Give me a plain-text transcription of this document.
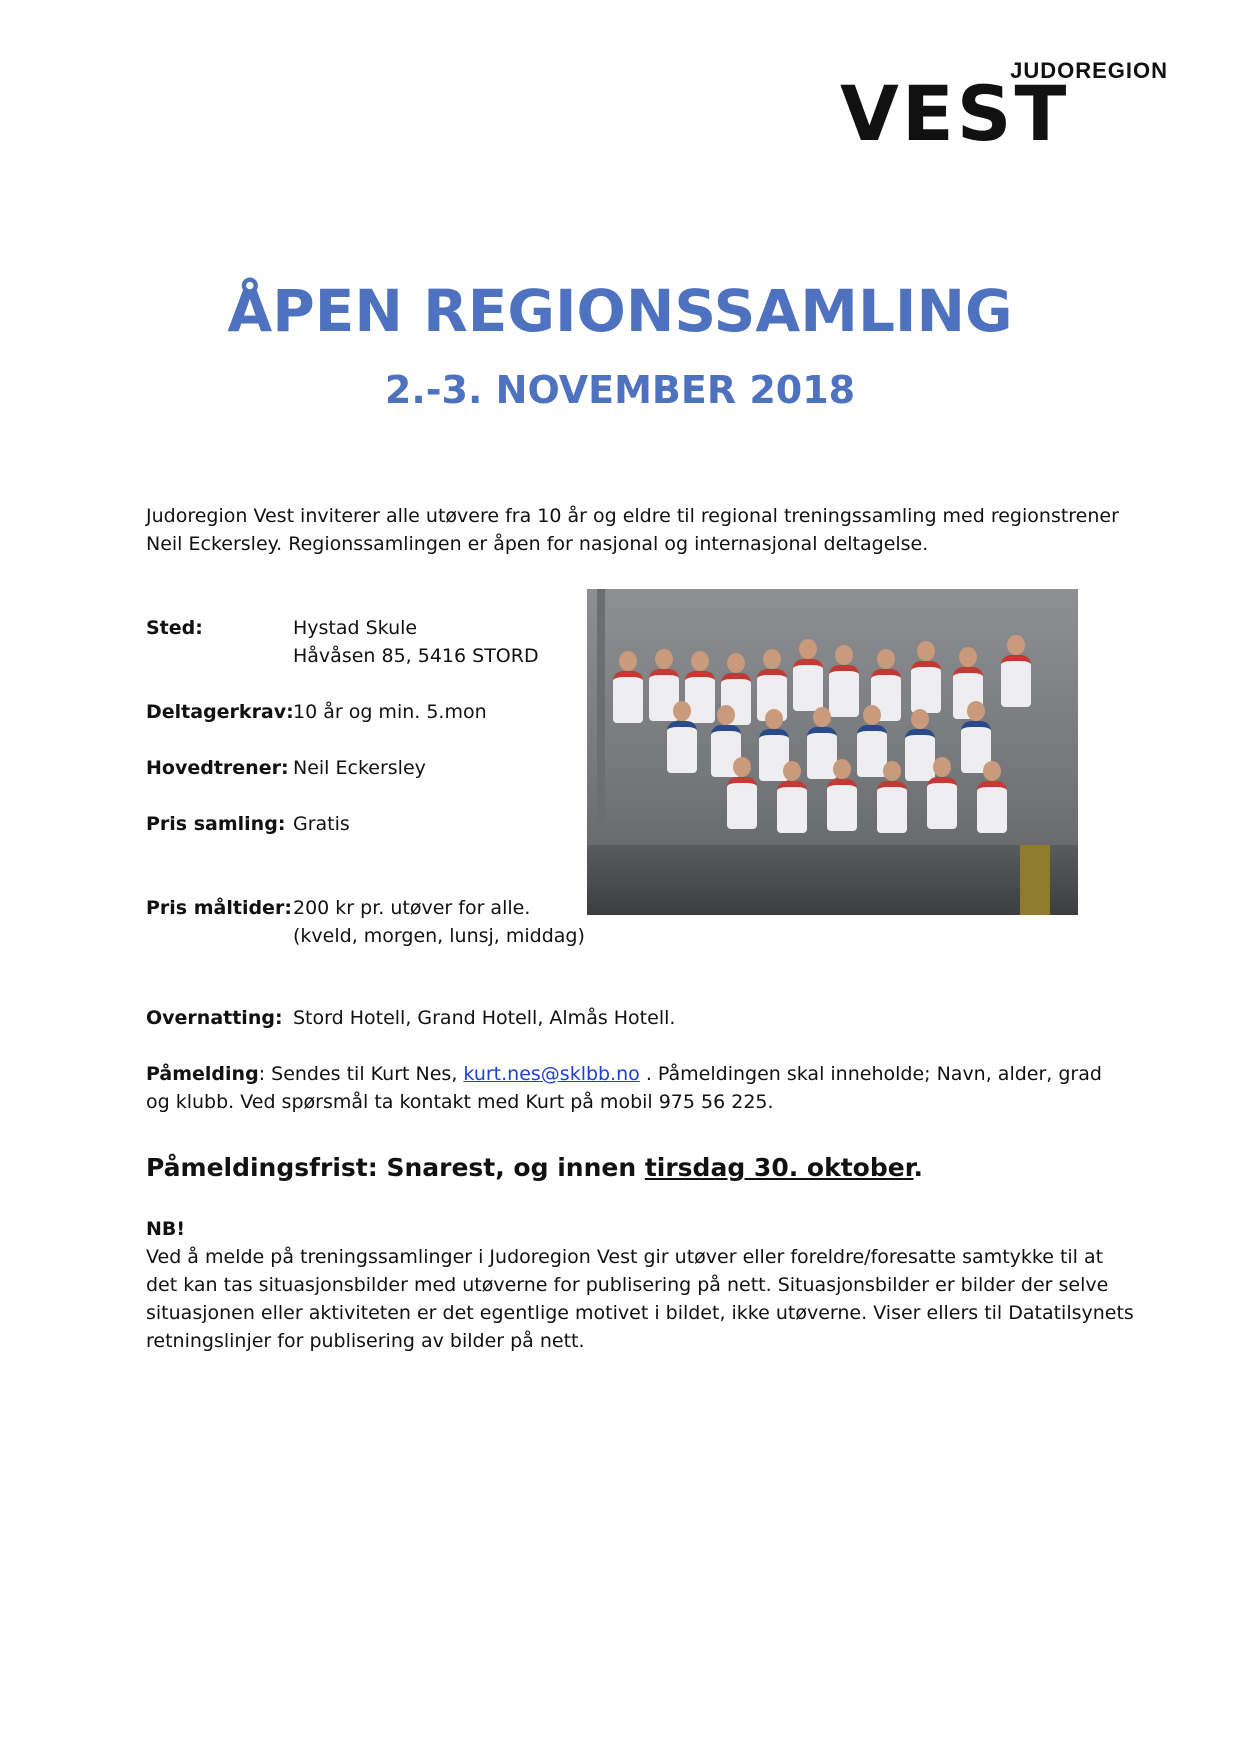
JUDOREGION
VEST
ÅPEN REGIONSSAMLING
2.-3. NOVEMBER 2018
Judoregion Vest inviterer alle utøvere fra 10 år og eldre til regional treningssamling med regionstrener Neil Eckersley. Regionssamlingen er åpen for nasjonal og internasjonal deltagelse.
Sted:	Hystad Skule
Håvåsen 85, 5416 STORD
Deltagerkrav: 10 år og min. 5.mon
Hovedtrener: Neil Eckersley
Pris samling: Gratis
Pris måltider: 200 kr pr. utøver for alle.
(kveld, morgen, lunsj, middag)
Overnatting: Stord Hotell, Grand Hotell, Almås Hotell.
Påmelding: Sendes til Kurt Nes, kurt.nes@sklbb.no . Påmeldingen skal inneholde; Navn, alder, grad og klubb. Ved spørsmål ta kontakt med Kurt på mobil 975 56 225.
Påmeldingsfrist: Snarest, og innen tirsdag 30. oktober.
NB!
Ved å melde på treningssamlinger i Judoregion Vest gir utøver eller foreldre/foresatte samtykke til at det kan tas situasjonsbilder med utøverne for publisering på nett. Situasjonsbilder er bilder der selve situasjonen eller aktiviteten er det egentlige motivet i bildet, ikke utøverne. Viser ellers til Datatilsynets retningslinjer for publisering av bilder på nett.
